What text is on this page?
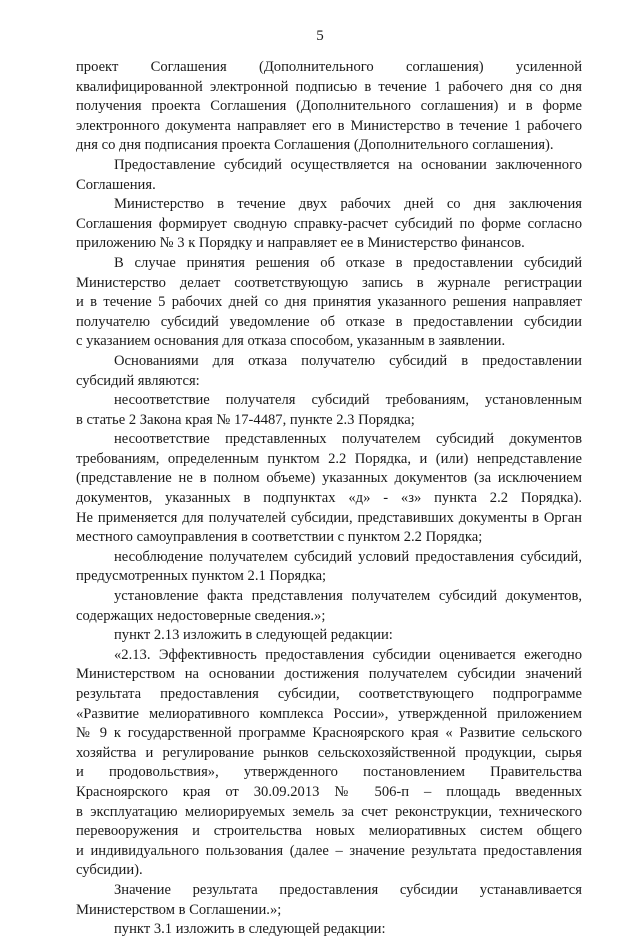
5
проект Соглашения (Дополнительного соглашения) усиленной
квалифицированной электронной подписью в течение 1 рабочего дня со дня
получения проекта Соглашения (Дополнительного соглашения) и в форме
электронного документа направляет его в Министерство в течение 1 рабочего
дня со дня подписания проекта Соглашения (Дополнительного соглашения).
Предоставление субсидий осуществляется на основании заключенного
Соглашения.
Министерство в течение двух рабочих дней со дня заключения
Соглашения формирует сводную справку-расчет субсидий по форме согласно
приложению № 3 к Порядку и направляет ее в Министерство финансов.
В случае принятия решения об отказе в предоставлении субсидий
Министерство делает соответствующую запись в журнале регистрации
и в течение 5 рабочих дней со дня принятия указанного решения направляет
получателю субсидий уведомление об отказе в предоставлении субсидии
с указанием основания для отказа способом, указанным в заявлении.
Основаниями для отказа получателю субсидий в предоставлении
субсидий являются:
несоответствие получателя субсидий требованиям, установленным
в статье 2 Закона края № 17-4487, пункте 2.3 Порядка;
несоответствие представленных получателем субсидий документов
требованиям, определенным пунктом 2.2 Порядка, и (или) непредставление
(представление не в полном объеме) указанных документов (за исключением
документов, указанных в подпунктах «д» - «з» пункта 2.2 Порядка).
Не применяется для получателей субсидии, представивших документы в Орган
местного самоуправления в соответствии с пунктом 2.2 Порядка;
несоблюдение получателем субсидий условий предоставления субсидий,
предусмотренных пунктом 2.1 Порядка;
установление факта представления получателем субсидий документов,
содержащих недостоверные сведения.»;
пункт 2.13 изложить в следующей редакции:
«2.13. Эффективность предоставления субсидии оценивается ежегодно
Министерством на основании достижения получателем субсидии значений
результата предоставления субсидии, соответствующего подпрограмме
«Развитие мелиоративного комплекса России», утвержденной приложением
№ 9 к государственной программе Красноярского края « Развитие сельского
хозяйства и регулирование рынков сельскохозяйственной продукции, сырья
и продовольствия», утвержденного постановлением Правительства
Красноярского края от 30.09.2013 № 506-п – площадь введенных
в эксплуатацию мелиорируемых земель за счет реконструкции, технического
перевооружения и строительства новых мелиоративных систем общего
и индивидуального пользования (далее – значение результата предоставления
субсидии).
Значение результата предоставления субсидии устанавливается
Министерством в Соглашении.»;
пункт 3.1 изложить в следующей редакции:
